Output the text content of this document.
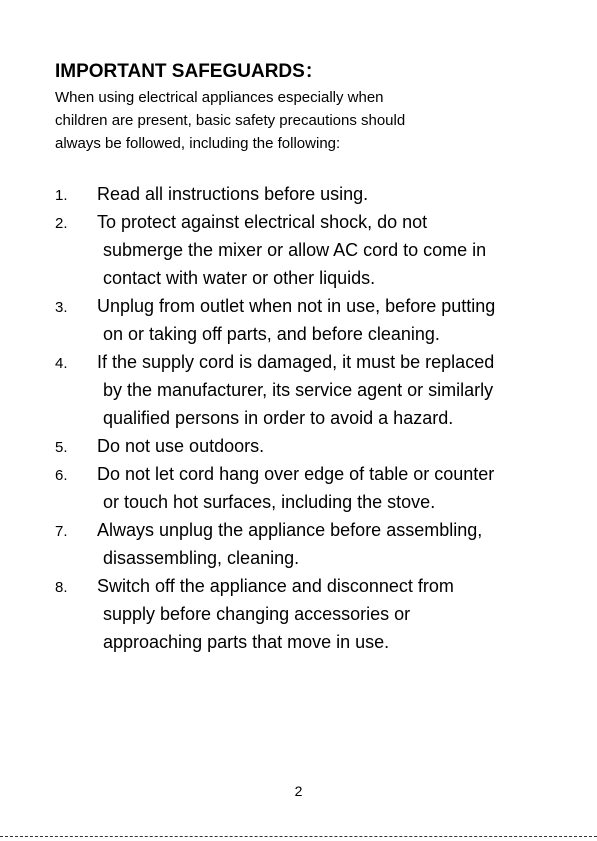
IMPORTANT SAFEGUARDS：
When using electrical appliances especially when
children are present, basic safety precautions should
always be followed, including the following:
1.	Read all instructions before using.
2.	To protect against electrical shock, do not
submerge the mixer or allow AC cord to come in
contact with water or other liquids.
3.	Unplug from outlet when not in use, before putting
on or taking off parts, and before cleaning.
4.	If the supply cord is damaged, it must be replaced
by the manufacturer, its service agent or similarly
qualified persons in order to avoid a hazard.
5.	Do not use outdoors.
6.	Do not let cord hang over edge of table or counter
or touch hot surfaces, including the stove.
7.	Always unplug the appliance before assembling,
disassembling, cleaning.
8.	Switch off the appliance and disconnect from
supply before changing accessories or
approaching parts that move in use.
2
